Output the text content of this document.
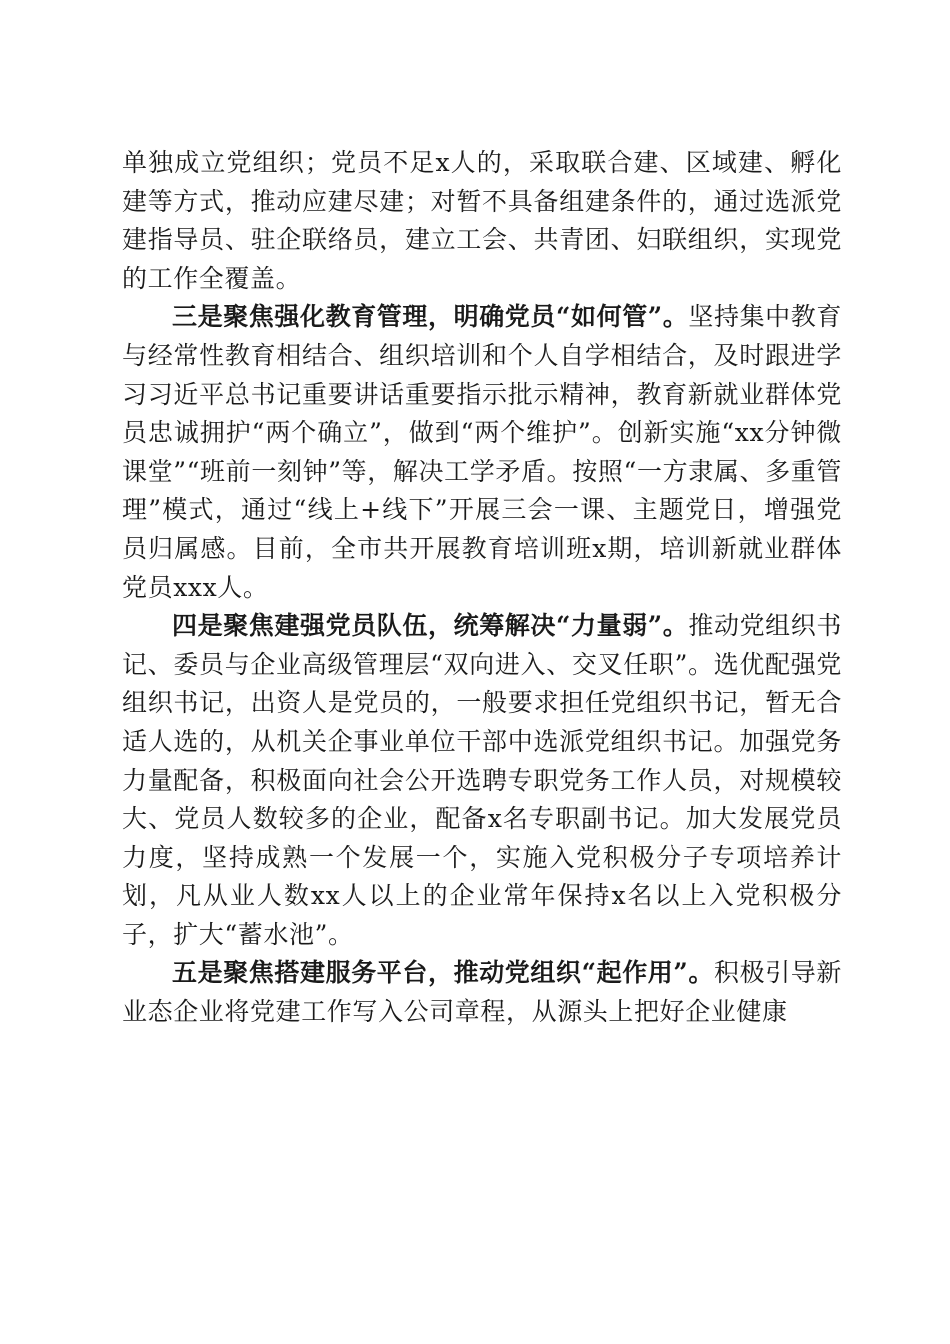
单独成立党组织；党员不足x人的，采取联合建、区域建、孵化建等方式，推动应建尽建；对暂不具备组建条件的，通过选派党建指导员、驻企联络员，建立工会、共青团、妇联组织，实现党的工作全覆盖。

三是聚焦强化教育管理，明确党员“如何管”。坚持集中教育与经常性教育相结合、组织培训和个人自学相结合，及时跟进学习习近平总书记重要讲话重要指示批示精神，教育新就业群体党员忠诚拥护“两个确立”，做到“两个维护”。创新实施“xx分钟微课堂”“班前一刻钟”等，解决工学矛盾。按照“一方隶属、多重管理”模式，通过“线上+线下”开展三会一课、主题党日，增强党员归属感。目前，全市共开展教育培训班x期，培训新就业群体党员xxx人。

四是聚焦建强党员队伍，统筹解决“力量弱”。推动党组织书记、委员与企业高级管理层“双向进入、交叉任职”。选优配强党组织书记，出资人是党员的，一般要求担任党组织书记，暂无合适人选的，从机关企事业单位干部中选派党组织书记。加强党务力量配备，积极面向社会公开选聘专职党务工作人员，对规模较大、党员人数较多的企业，配备x名专职副书记。加大发展党员力度，坚持成熟一个发展一个，实施入党积极分子专项培养计划，凡从业人数xx人以上的企业常年保持x名以上入党积极分子，扩大“蓄水池”。

五是聚焦搭建服务平台，推动党组织“起作用”。积极引导新业态企业将党建工作写入公司章程，从源头上把好企业健康
